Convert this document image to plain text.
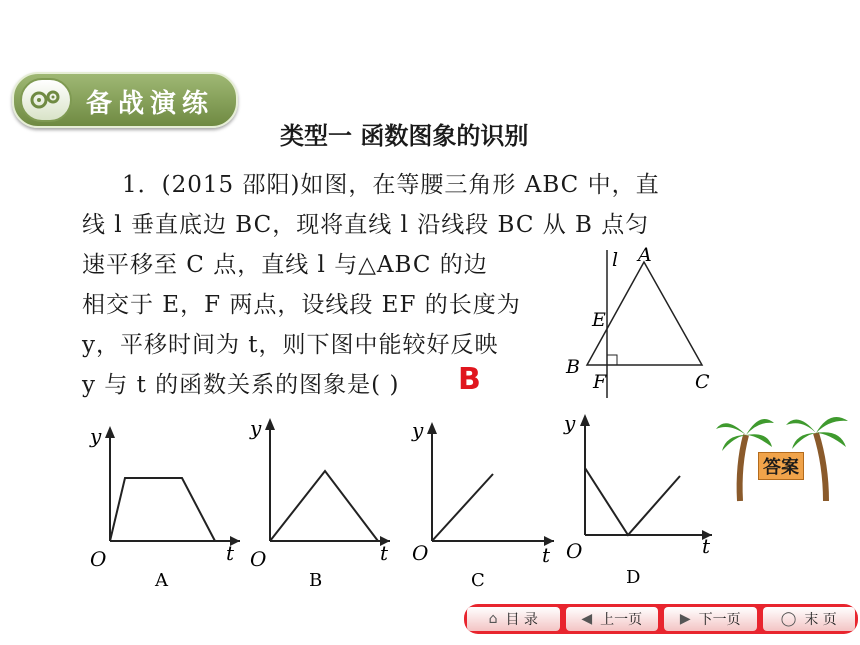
备战演练
类型一 函数图象的识别
1．(2015 邵阳)如图，在等腰三角形 ABC 中，直
线 l 垂直底边 BC，现将直线 l 沿线段 BC 从 B 点匀
速平移至 C 点，直线 l 与△ABC 的边
相交于 E，F 两点，设线段 EF 的长度为
y，平移时间为 t，则下图中能较好反映
y 与 t 的函数关系的图象是( ) B
l A
B
C
E
F
y
t
O
A
y
t
O
B
y
t
O
C
y
t
O
D
答案
⌂ 目 录	◀ 上一页	▶ 下一页	◯ 末 页
